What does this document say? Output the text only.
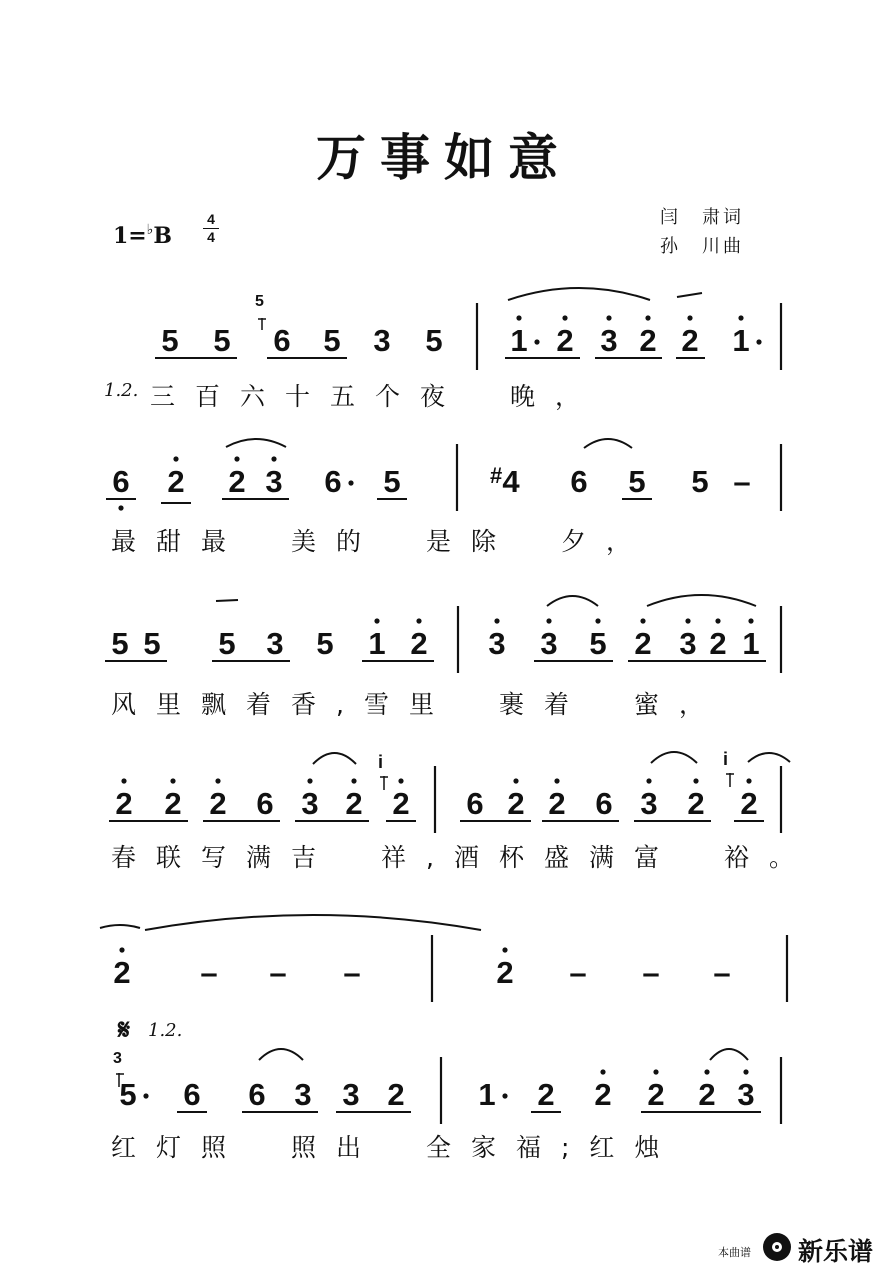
万事如意
1=♭B
4
4
闫　肃词
孙　川曲
5 5 6 5 3 5 1 2 3 2 2 1
三百六十五个夜　晚，
6 2 2 3 6 5	4 6 5 5 –
最甜最　美的　是除　夕，
5 5 5 3 5 1 2 3 3 5 2 3 2 1
风里飘着香,雪里　裹着　蜜，
2 2 2 6 3 2 2 6 2 2 6 3 2 2
春联写满吉　祥,酒杯盛满富　裕。
2 – – –	2 – – –
5 6 6 3 3 2 1 2 2 2 2 3
红灯照　照出　全家福;红烛
5
1.2.
#
i	i
3
𝄋 1.2.
本曲谱 新乐谱
